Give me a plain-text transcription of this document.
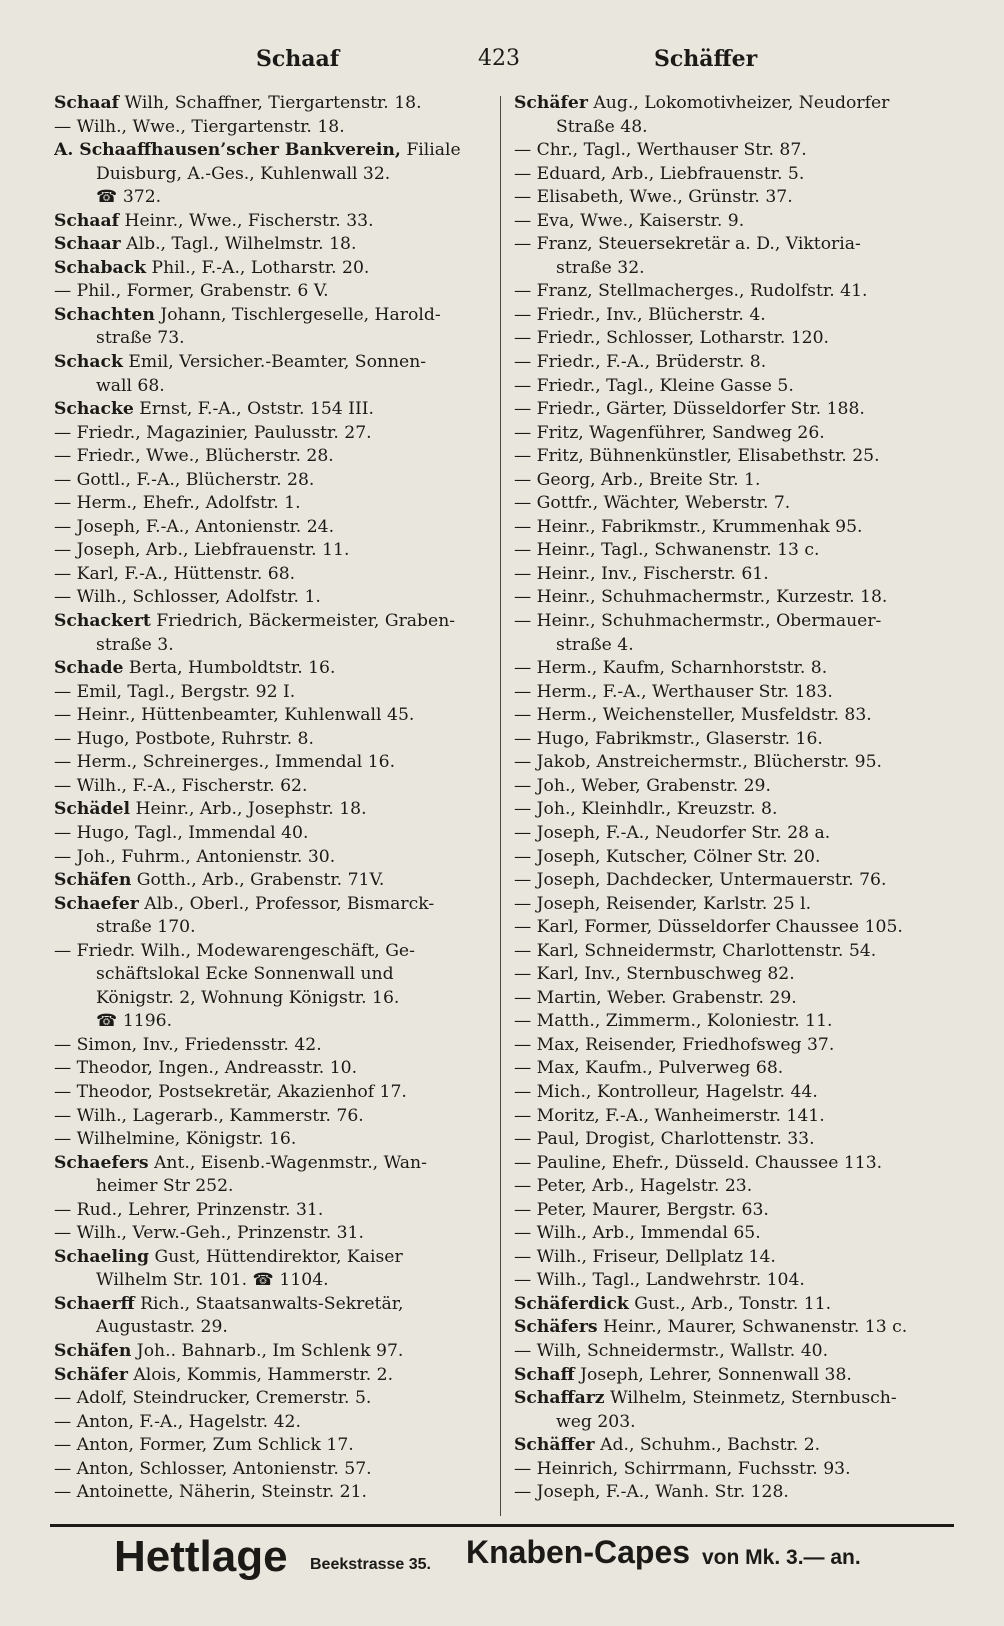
Schaaf	423	Schäffer
Schaaf Wilh, Schaffner, Tiergartenstr. 18.
— Wilh., Wwe., Tiergartenstr. 18.
A. Schaaffhausen’scher Bankverein, Filiale
Duisburg, A.-Ges., Kuhlenwall 32.
☎ 372.
Schaaf Heinr., Wwe., Fischerstr. 33.
Schaar Alb., Tagl., Wilhelmstr. 18.
Schaback Phil., F.-A., Lotharstr. 20.
— Phil., Former, Grabenstr. 6 V.
Schachten Johann, Tischlergeselle, Harold-
straße 73.
Schack Emil, Versicher.-Beamter, Sonnen-
wall 68.
Schacke Ernst, F.-A., Oststr. 154 III.
— Friedr., Magazinier, Paulusstr. 27.
— Friedr., Wwe., Blücherstr. 28.
— Gottl., F.-A., Blücherstr. 28.
— Herm., Ehefr., Adolfstr. 1.
— Joseph, F.-A., Antonienstr. 24.
— Joseph, Arb., Liebfrauenstr. 11.
— Karl, F.-A., Hüttenstr. 68.
— Wilh., Schlosser, Adolfstr. 1.
Schackert Friedrich, Bäckermeister, Graben-
straße 3.
Schade Berta, Humboldtstr. 16.
— Emil, Tagl., Bergstr. 92 I.
— Heinr., Hüttenbeamter, Kuhlenwall 45.
— Hugo, Postbote, Ruhrstr. 8.
— Herm., Schreinerges., Immendal 16.
— Wilh., F.-A., Fischerstr. 62.
Schädel Heinr., Arb., Josephstr. 18.
— Hugo, Tagl., Immendal 40.
— Joh., Fuhrm., Antonienstr. 30.
Schäfen Gotth., Arb., Grabenstr. 71V.
Schaefer Alb., Oberl., Professor, Bismarck-
straße 170.
— Friedr. Wilh., Modewarengeschäft, Ge-
schäftslokal Ecke Sonnenwall und
Königstr. 2, Wohnung Königstr. 16.
☎ 1196.
— Simon, Inv., Friedensstr. 42.
— Theodor, Ingen., Andreasstr. 10.
— Theodor, Postsekretär, Akazienhof 17.
— Wilh., Lagerarb., Kammerstr. 76.
— Wilhelmine, Königstr. 16.
Schaefers Ant., Eisenb.-Wagenmstr., Wan-
heimer Str 252.
— Rud., Lehrer, Prinzenstr. 31.
— Wilh., Verw.-Geh., Prinzenstr. 31.
Schaeling Gust, Hüttendirektor, Kaiser
Wilhelm Str. 101. ☎ 1104.
Schaerff Rich., Staatsanwalts-Sekretär,
Augustastr. 29.
Schäfen Joh.. Bahnarb., Im Schlenk 97.
Schäfer Alois, Kommis, Hammerstr. 2.
— Adolf, Steindrucker, Cremerstr. 5.
— Anton, F.-A., Hagelstr. 42.
— Anton, Former, Zum Schlick 17.
— Anton, Schlosser, Antonienstr. 57.
— Antoinette, Näherin, Steinstr. 21.
Schäfer Aug., Lokomotivheizer, Neudorfer
Straße 48.
— Chr., Tagl., Werthauser Str. 87.
— Eduard, Arb., Liebfrauenstr. 5.
— Elisabeth, Wwe., Grünstr. 37.
— Eva, Wwe., Kaiserstr. 9.
— Franz, Steuersekretär a. D., Viktoria-
straße 32.
— Franz, Stellmacherges., Rudolfstr. 41.
— Friedr., Inv., Blücherstr. 4.
— Friedr., Schlosser, Lotharstr. 120.
— Friedr., F.-A., Brüderstr. 8.
— Friedr., Tagl., Kleine Gasse 5.
— Friedr., Gärter, Düsseldorfer Str. 188.
— Fritz, Wagenführer, Sandweg 26.
— Fritz, Bühnenkünstler, Elisabethstr. 25.
— Georg, Arb., Breite Str. 1.
— Gottfr., Wächter, Weberstr. 7.
— Heinr., Fabrikmstr., Krummenhak 95.
— Heinr., Tagl., Schwanenstr. 13 c.
— Heinr., Inv., Fischerstr. 61.
— Heinr., Schuhmachermstr., Kurzestr. 18.
— Heinr., Schuhmachermstr., Obermauer-
straße 4.
— Herm., Kaufm, Scharnhorststr. 8.
— Herm., F.-A., Werthauser Str. 183.
— Herm., Weichensteller, Musfeldstr. 83.
— Hugo, Fabrikmstr., Glaserstr. 16.
— Jakob, Anstreichermstr., Blücherstr. 95.
— Joh., Weber, Grabenstr. 29.
— Joh., Kleinhdlr., Kreuzstr. 8.
— Joseph, F.-A., Neudorfer Str. 28 a.
— Joseph, Kutscher, Cölner Str. 20.
— Joseph, Dachdecker, Untermauerstr. 76.
— Joseph, Reisender, Karlstr. 25 l.
— Karl, Former, Düsseldorfer Chaussee 105.
— Karl, Schneidermstr, Charlottenstr. 54.
— Karl, Inv., Sternbuschweg 82.
— Martin, Weber. Grabenstr. 29.
— Matth., Zimmerm., Koloniestr. 11.
— Max, Reisender, Friedhofsweg 37.
— Max, Kaufm., Pulverweg 68.
— Mich., Kontrolleur, Hagelstr. 44.
— Moritz, F.-A., Wanheimerstr. 141.
— Paul, Drogist, Charlottenstr. 33.
— Pauline, Ehefr., Düsseld. Chaussee 113.
— Peter, Arb., Hagelstr. 23.
— Peter, Maurer, Bergstr. 63.
— Wilh., Arb., Immendal 65.
— Wilh., Friseur, Dellplatz 14.
— Wilh., Tagl., Landwehrstr. 104.
Schäferdick Gust., Arb., Tonstr. 11.
Schäfers Heinr., Maurer, Schwanenstr. 13 c.
— Wilh, Schneidermstr., Wallstr. 40.
Schaff Joseph, Lehrer, Sonnenwall 38.
Schaffarz Wilhelm, Steinmetz, Sternbusch-
weg 203.
Schäffer Ad., Schuhm., Bachstr. 2.
— Heinrich, Schirrmann, Fuchsstr. 93.
— Joseph, F.-A., Wanh. Str. 128.
Hettlage Beekstrasse 35. Knaben-Capes von Mk. 3.— an.
